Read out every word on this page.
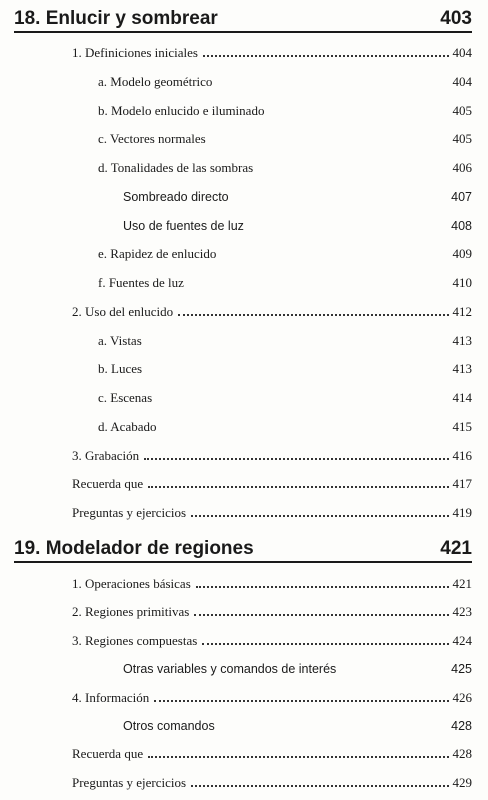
18. Enlucir y sombrear	403
1. Definiciones iniciales	404
a. Modelo geométrico	404
b. Modelo enlucido e iluminado	405
c. Vectores normales	405
d. Tonalidades de las sombras	406
Sombreado directo	407
Uso de fuentes de luz	408
e. Rapidez de enlucido	409
f. Fuentes de luz	410
2. Uso del enlucido	412
a. Vistas	413
b. Luces	413
c. Escenas	414
d. Acabado	415
3. Grabación	416
Recuerda que	417
Preguntas y ejercicios	419
19. Modelador de regiones	421
1. Operaciones básicas	421
2. Regiones primitivas	423
3. Regiones compuestas	424
Otras variables y comandos de interés	425
4. Información	426
Otros comandos	428
Recuerda que	428
Preguntas y ejercicios	429
